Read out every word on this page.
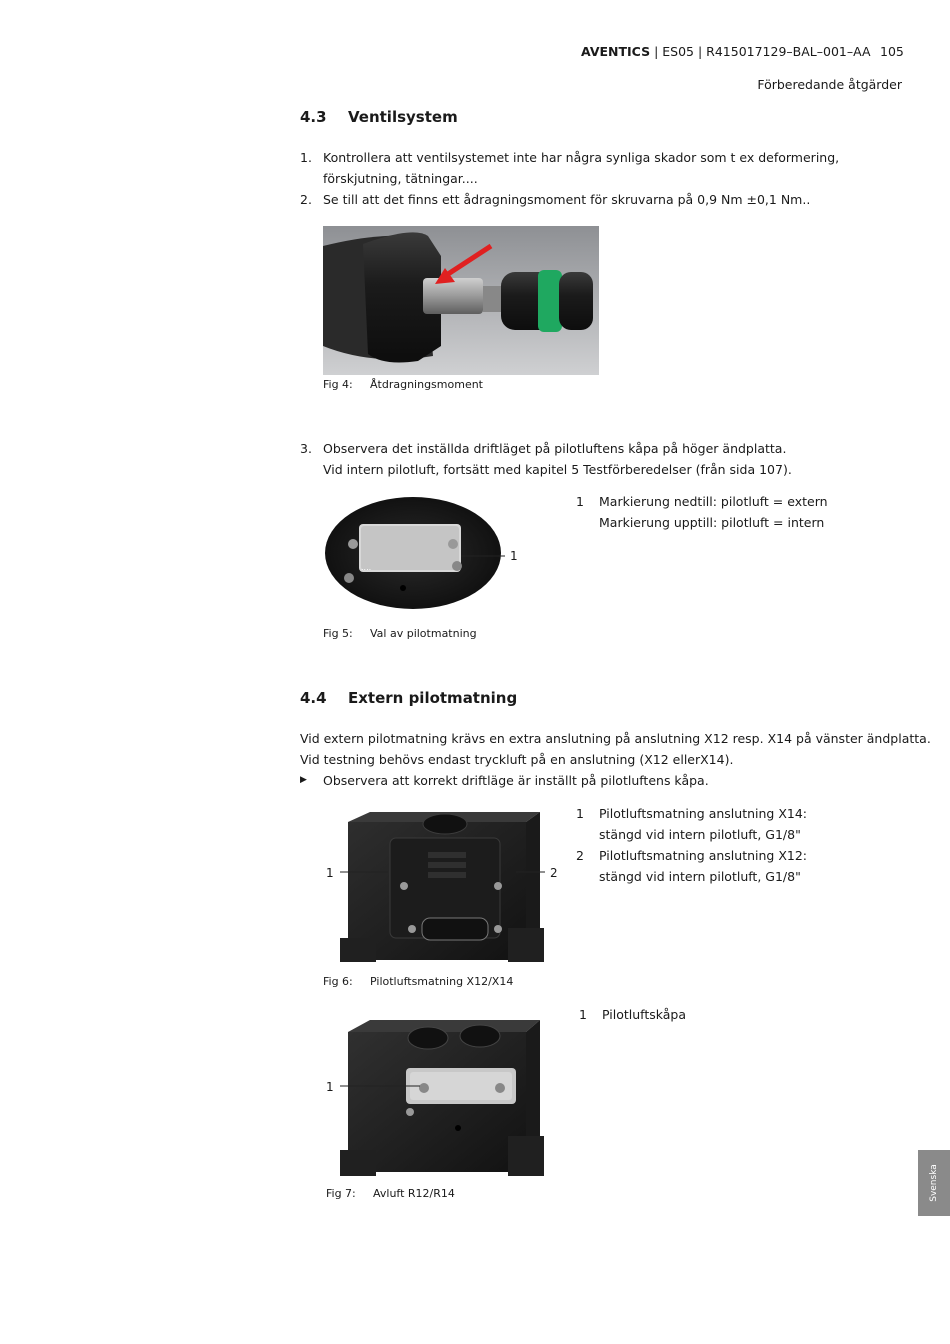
AVENTICS | ES05 | R415017129–BAL–001–AA 105
Förberedande åtgärder
4.3 Ventilsystem
1. Kontrollera att ventilsystemet inte har några synliga skador som t ex deformering, förskjutning, tätningar....
2. Se till att det finns ett ådragningsmoment för skruvarna på 0,9 Nm ±0,1 Nm..
Fig 4: Åtdragningsmoment
3. Observera det inställda driftläget på pilotluftens kåpa på höger ändplatta.
Vid intern pilotluft, fortsätt med kapitel 5 Testförberedelser (från sida 107).
....
1
1 Markierung nedtill: pilotluft = extern
Markierung upptill: pilotluft = intern
Fig 5: Val av pilotmatning
4.4 Extern pilotmatning
Vid extern pilotmatning krävs en extra anslutning på anslutning X12 resp. X14 på vänster ändplatta.
Vid testning behövs endast tryckluft på en anslutning (X12 ellerX14).
▶ Observera att korrekt driftläge är inställt på pilotluftens kåpa.
1	2
1 Pilotluftsmatning anslutning X14:
stängd vid intern pilotluft, G1/8"
2 Pilotluftsmatning anslutning X12:
stängd vid intern pilotluft, G1/8"
Fig 6: Pilotluftsmatning X12/X14
1
1 Pilotluftskåpa
Fig 7: Avluft R12/R14	Svenska
